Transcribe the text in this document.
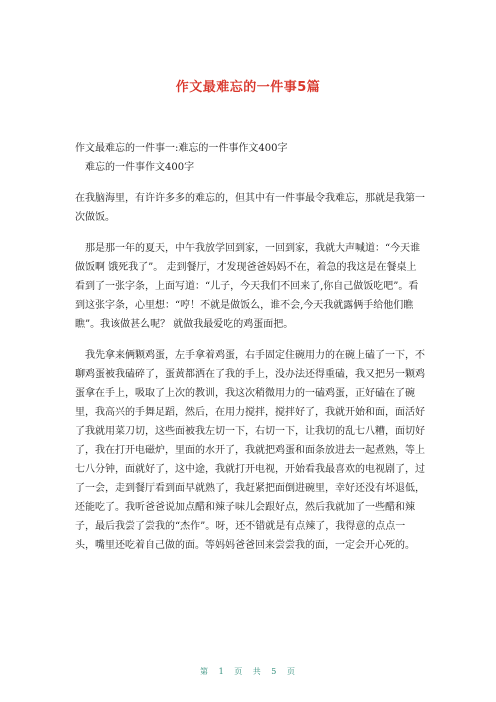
作文最难忘的一件事5篇

作文最难忘的一件事一:难忘的一件事作文400字

难忘的一件事作文400字

在我脑海里，有许许多多的难忘的，但其中有一件事最令我难忘，那就是我第一次做饭。

那是那一年的夏天，中午我放学回到家，一回到家，我就大声喊道：“今天谁做饭啊 饿死我了”。 走到餐厅，才发现爸爸妈妈不在，着急的我这是在餐桌上看到了一张字条，上面写道：“儿子，今天我们不回来了,你自己做饭吃吧”。看到这张字条，心里想：“哼！不就是做饭么，谁不会,今天我就露俩手给他们瞧瞧”。我该做甚么呢？ 就做我最爱吃的鸡蛋面把。

我先拿来俩颗鸡蛋，左手拿着鸡蛋，右手固定住碗用力的在碗上磕了一下，不聊鸡蛋被我磕碎了，蛋黄都洒在了我的手上，没办法还得重磕，我又把另一颗鸡蛋拿在手上，吸取了上次的教训，我这次稍微用力的一磕鸡蛋，正好磕在了碗里，我高兴的手舞足蹈，然后，在用力搅拌，搅拌好了，我就开始和面，面活好了我就用菜刀切，这些面被我左切一下，右切一下，让我切的乱七八糟，面切好了，我在打开电磁炉，里面的水开了，我就把鸡蛋和面条放进去一起煮熟，等上七八分钟，面就好了，这中途，我就打开电视，开始看我最喜欢的电视剧了，过了一会，走到餐厅看到面早就熟了，我赶紧把面倒进碗里，幸好还没有坏退低，还能吃了。我听爸爸说加点醋和辣子味儿会跟好点，然后我就加了一些醋和辣子，最后我尝了尝我的“杰作”。呀，还不错就是有点辣了，我得意的点点一头，嘴里还吃着自己做的面。等妈妈爸爸回来尝尝我的面，一定会开心死的。

第 1 页 共 5 页
